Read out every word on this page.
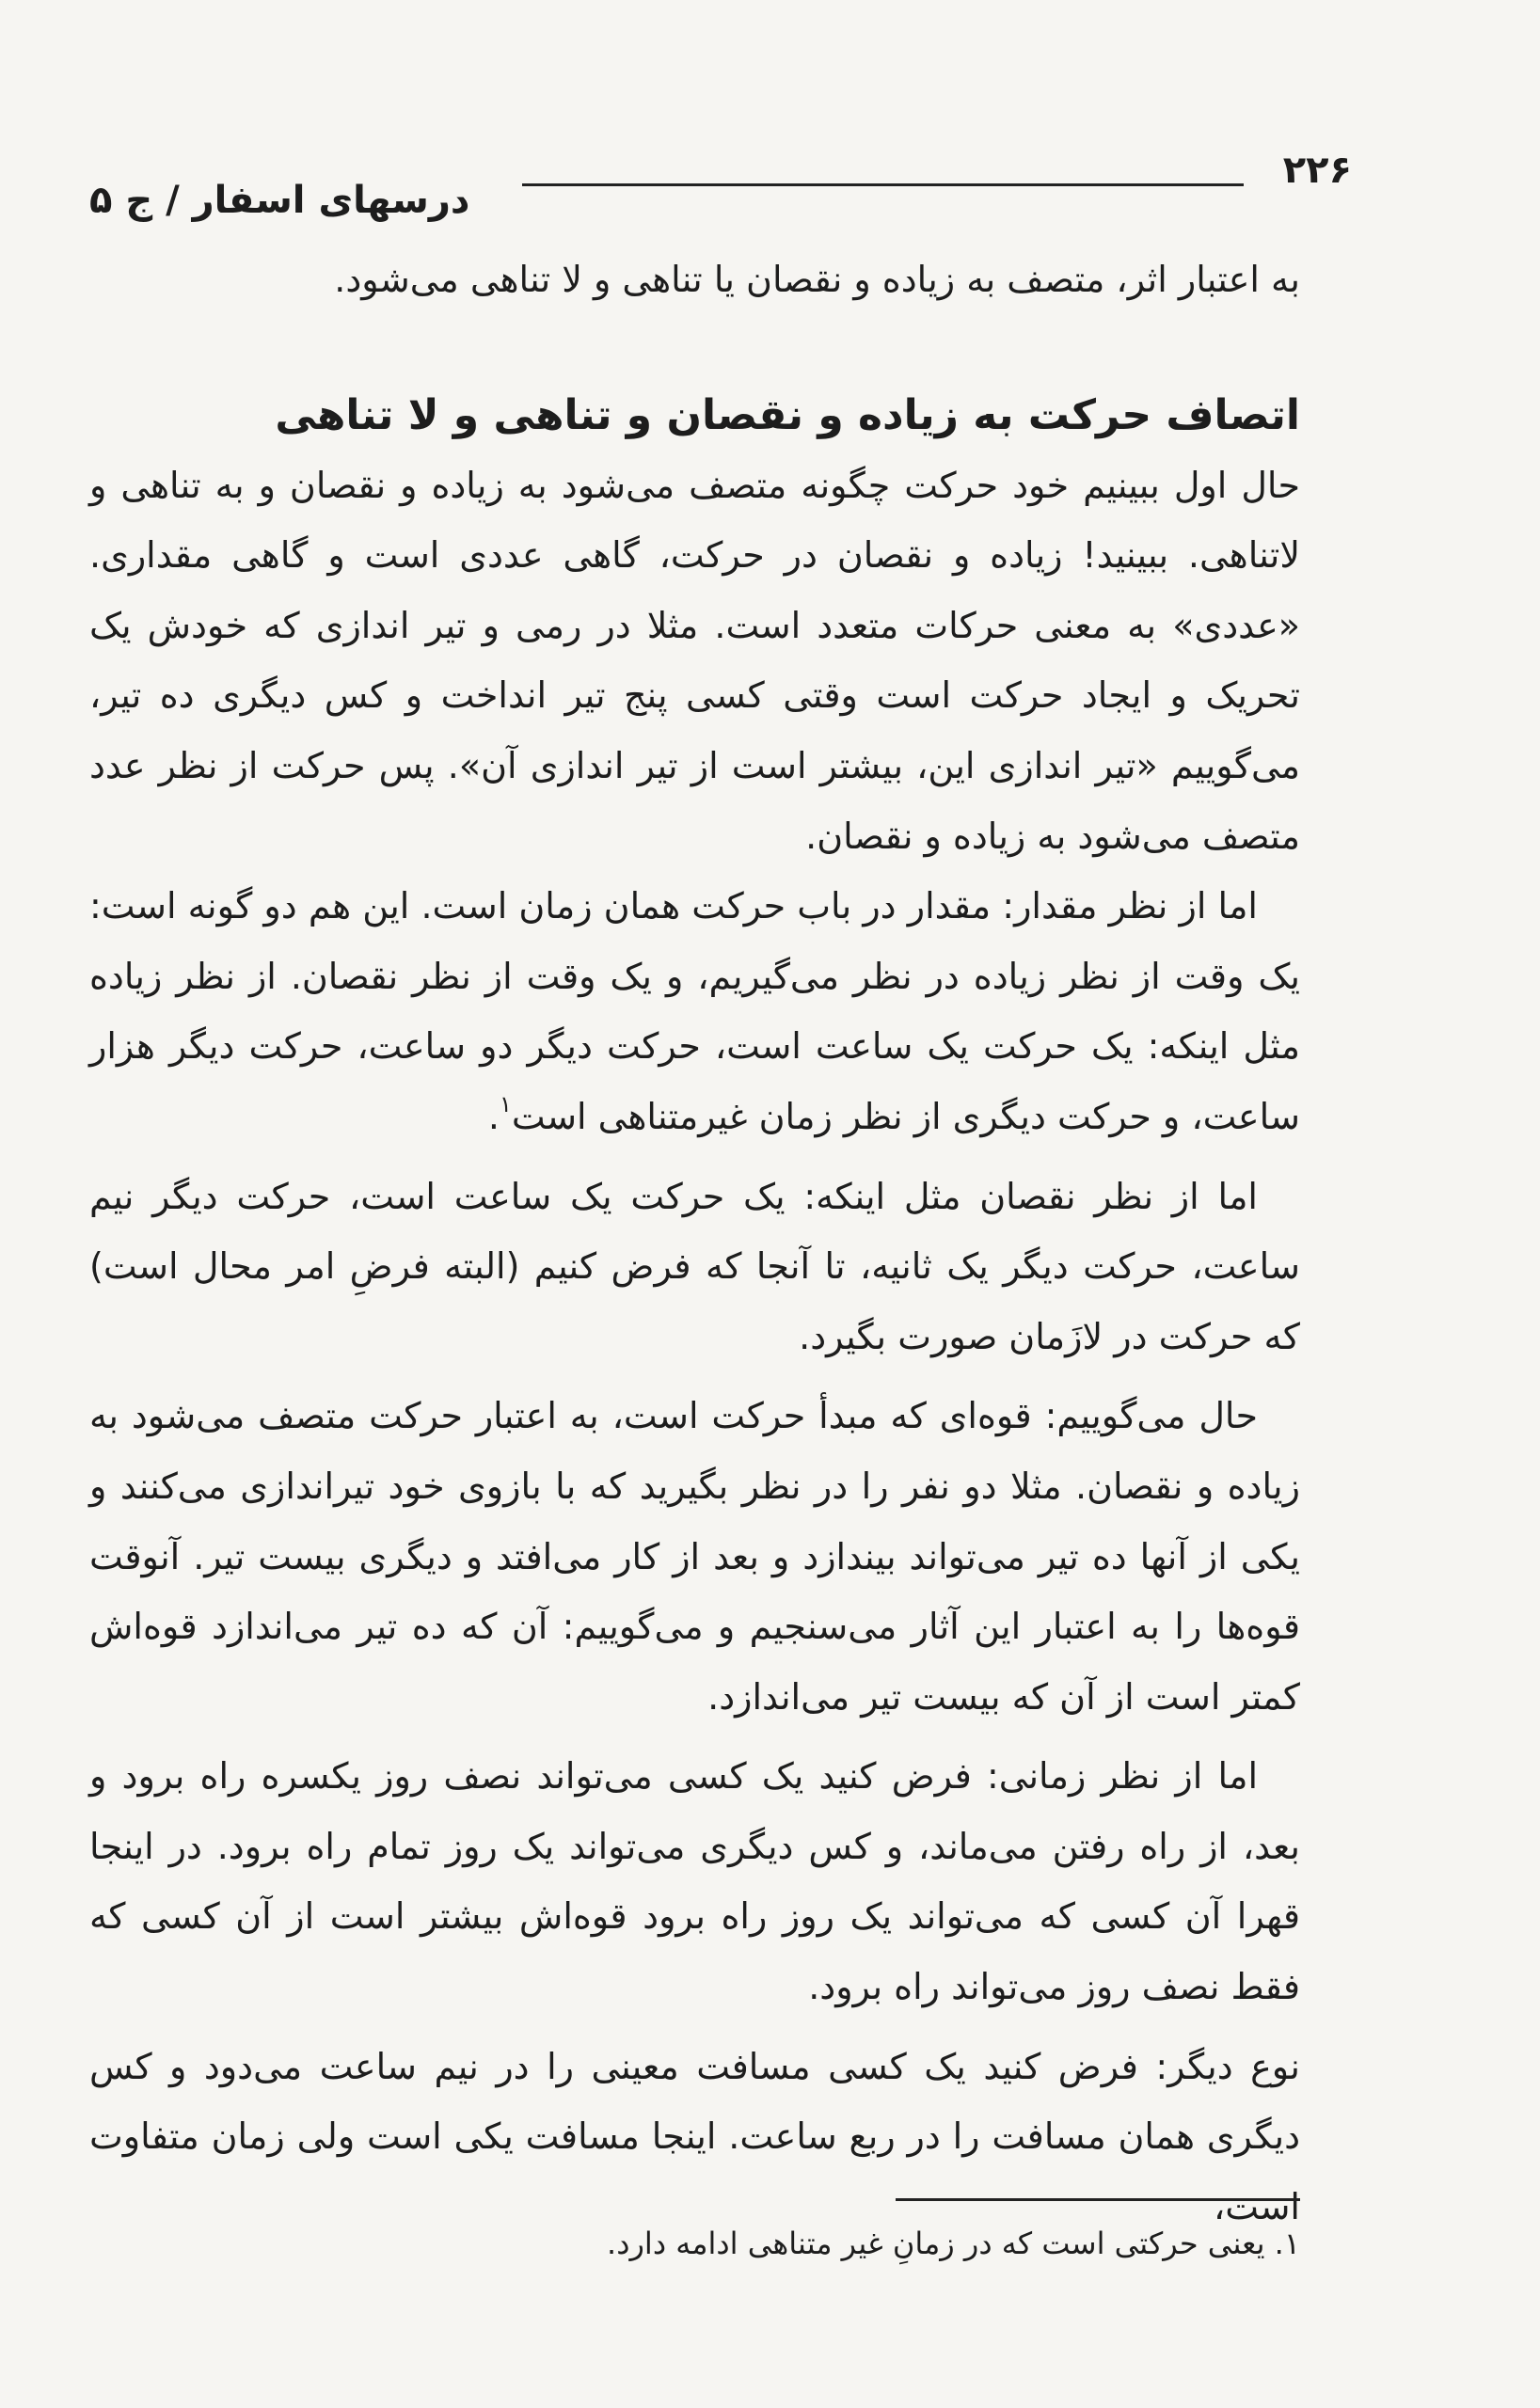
۲۲۶
درسهای اسفار / ج ۵

به اعتبار اثر، متصف به زیاده و نقصان یا تناهی و لا تناهی می‌شود.

اتصاف حرکت به زیاده و نقصان و تناهی و لا تناهی

حال اول ببینیم خود حرکت چگونه متصف می‌شود به زیاده و نقصان و به تناهی و لاتناهی. ببینید! زیاده و نقصان در حرکت، گاهی عددی است و گاهی مقداری. «عددی» به معنی حرکات متعدد است. مثلا در رمی و تیر اندازی که خودش یک تحریک و ایجاد حرکت است وقتی کسی پنج تیر انداخت و کس دیگری ده تیر، می‌گوییم «تیر اندازی این، بیشتر است از تیر اندازی آن». پس حرکت از نظر عدد متصف می‌شود به زیاده و نقصان.

اما از نظر مقدار: مقدار در باب حرکت همان زمان است. این هم دو گونه است: یک وقت از نظر زیاده در نظر می‌گیریم، و یک وقت از نظر نقصان. از نظر زیاده مثل اینکه: یک حرکت یک ساعت است، حرکت دیگر دو ساعت، حرکت دیگر هزار ساعت، و حرکت دیگری از نظر زمان غیرمتناهی است$^۱$.

اما از نظر نقصان مثل اینکه: یک حرکت یک ساعت است، حرکت دیگر نیم ساعت، حرکت دیگر یک ثانیه، تا آنجا که فرض کنیم (البته فرضِ امر محال است) که حرکت در لازَمان صورت بگیرد.

حال می‌گوییم: قوه‌ای که مبدأ حرکت است، به اعتبار حرکت متصف می‌شود به زیاده و نقصان. مثلا دو نفر را در نظر بگیرید که با بازوی خود تیراندازی می‌کنند و یکی از آنها ده تیر می‌تواند بیندازد و بعد از کار می‌افتد و دیگری بیست تیر. آنوقت قوه‌ها را به اعتبار این آثار می‌سنجیم و می‌گوییم: آن که ده تیر می‌اندازد قوه‌اش کمتر است از آن که بیست تیر می‌اندازد.

اما از نظر زمانی: فرض کنید یک کسی می‌تواند نصف روز یکسره راه برود و بعد، از راه رفتن می‌ماند، و کس دیگری می‌تواند یک روز تمام راه برود. در اینجا قهرا آن کسی که می‌تواند یک روز راه برود قوه‌اش بیشتر است از آن کسی که فقط نصف روز می‌تواند راه برود.

نوع دیگر: فرض کنید یک کسی مسافت معینی را در نیم ساعت می‌دود و کس دیگری همان مسافت را در ربع ساعت. اینجا مسافت یکی است ولی زمان متفاوت است،

۱. یعنی حرکتی است که در زمانِ غیر متناهی ادامه دارد.
